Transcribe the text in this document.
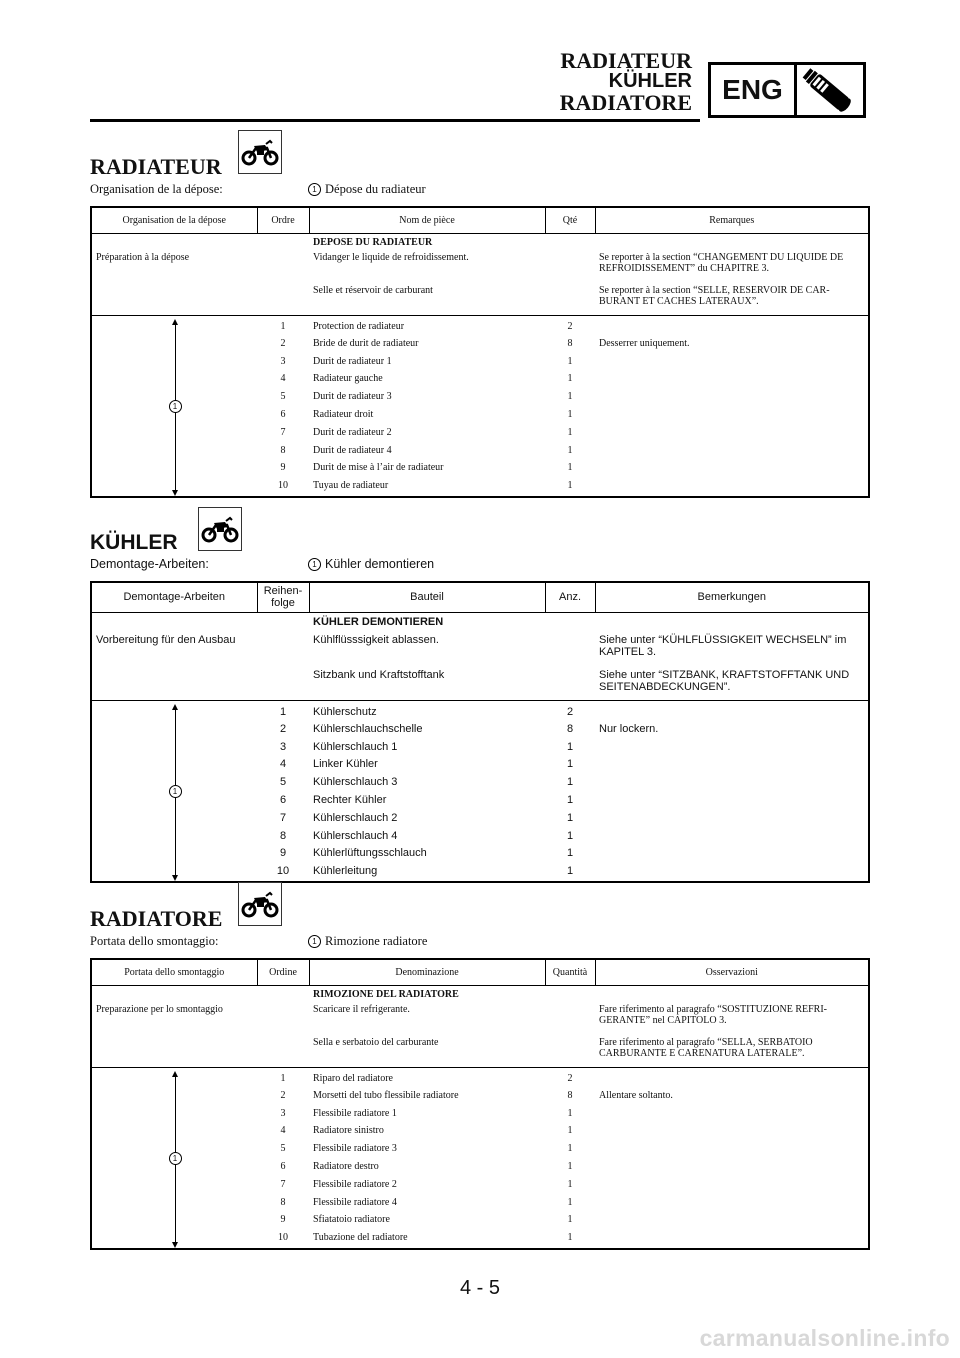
RADIATEUR
KÜHLER
RADIATORE	ENG
RADIATEUR
Organisation de la dépose:	1 Dépose du radiateur
Organisation de la dépose	Ordre	Nom de pièce	Qté	Remarques
		DEPOSE DU RADIATEUR		
Préparation à la dépose		Vidanger le liquide de refroidissement.		Se reporter à la section “CHANGEMENT DU LIQUIDE DE REFROIDISSEMENT” du CHAPITRE 3.
		Selle et réservoir de carburant		Se reporter à la section “SELLE, RESERVOIR DE CAR-BURANT ET CACHES LATERAUX”.

1	1	Protection de radiateur	2	
	2	Bride de durit de radiateur	8	Desserrer uniquement.
	3	Durit de radiateur 1	1	
	4	Radiateur gauche	1	
	5	Durit de radiateur 3	1	
	6	Radiateur droit	1	
	7	Durit de radiateur 2	1	
	8	Durit de radiateur 4	1	
	9	Durit de mise à l’air de radiateur	1	
	10	Tuyau de radiateur	1	
KÜHLER
Demontage-Arbeiten:	1 Kühler demontieren
Demontage-Arbeiten	Reihen-folge	Bauteil	Anz.	Bemerkungen
		KÜHLER DEMONTIEREN		
Vorbereitung für den Ausbau		Kühlflüsssigkeit ablassen.		Siehe unter “KÜHLFLÜSSIGKEIT WECHSELN” im KAPITEL 3.
		Sitzbank und Kraftstofftank		Siehe unter “SITZBANK, KRAFTSTOFFTANK UND SEITENABDECKUNGEN”.

1	1	Kühlerschutz	2	
	2	Kühlerschlauchschelle	8	Nur lockern.
	3	Kühlerschlauch 1	1	
	4	Linker Kühler	1	
	5	Kühlerschlauch 3	1	
	6	Rechter Kühler	1	
	7	Kühlerschlauch 2	1	
	8	Kühlerschlauch 4	1	
	9	Kühlerlüftungsschlauch	1	
	10	Kühlerleitung	1	
RADIATORE
Portata dello smontaggio:	1 Rimozione radiatore
Portata dello smontaggio	Ordine	Denominazione	Quantità	Osservazioni
		RIMOZIONE DEL RADIATORE		
Preparazione per lo smontaggio		Scaricare il refrigerante.		Fare riferimento al paragrafo “SOSTITUZIONE REFRI-GERANTE” nel CAPITOLO 3.
		Sella e serbatoio del carburante		Fare riferimento al paragrafo “SELLA, SERBATOIO CARBURANTE E CARENATURA LATERALE”.

1	1	Riparo del radiatore	2	
	2	Morsetti del tubo flessibile radiatore	8	Allentare soltanto.
	3	Flessibile radiatore 1	1	
	4	Radiatore sinistro	1	
	5	Flessibile radiatore 3	1	
	6	Radiatore destro	1	
	7	Flessibile radiatore 2	1	
	8	Flessibile radiatore 4	1	
	9	Sfiatatoio radiatore	1	
	10	Tubazione del radiatore	1	
4 - 5
carmanualsonline.info
